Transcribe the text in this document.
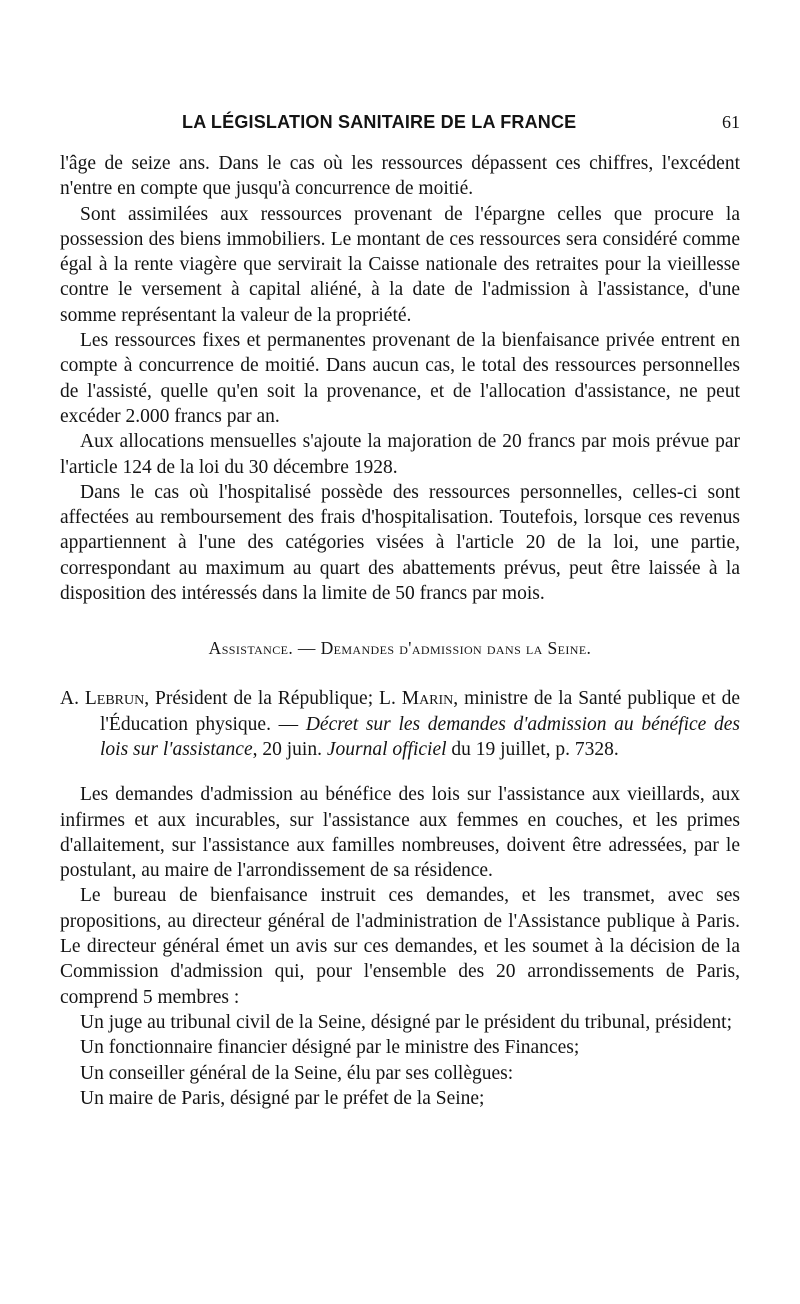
LA LÉGISLATION SANITAIRE DE LA FRANCE	61

l'âge de seize ans. Dans le cas où les ressources dépassent ces chiffres, l'excédent n'entre en compte que jusqu'à concurrence de moitié.

Sont assimilées aux ressources provenant de l'épargne celles que procure la possession des biens immobiliers. Le montant de ces ressources sera considéré comme égal à la rente viagère que servirait la Caisse nationale des retraites pour la vieillesse contre le versement à capital aliéné, à la date de l'admission à l'assistance, d'une somme représentant la valeur de la propriété.

Les ressources fixes et permanentes provenant de la bienfaisance privée entrent en compte à concurrence de moitié. Dans aucun cas, le total des ressources personnelles de l'assisté, quelle qu'en soit la provenance, et de l'allocation d'assistance, ne peut excéder 2.000 francs par an.

Aux allocations mensuelles s'ajoute la majoration de 20 francs par mois prévue par l'article 124 de la loi du 30 décembre 1928.

Dans le cas où l'hospitalisé possède des ressources personnelles, celles-ci sont affectées au remboursement des frais d'hospitalisation. Toutefois, lorsque ces revenus appartiennent à l'une des catégories visées à l'article 20 de la loi, une partie, correspondant au maximum au quart des abattements prévus, peut être laissée à la disposition des intéressés dans la limite de 50 francs par mois.

Assistance. — Demandes d'admission dans la Seine.
A. Lebrun, Président de la République; L. Marin, ministre de la Santé publique et de l'Éducation physique. — Décret sur les demandes d'admission au bénéfice des lois sur l'assistance, 20 juin. Journal officiel du 19 juillet, p. 7328.

Les demandes d'admission au bénéfice des lois sur l'assistance aux vieillards, aux infirmes et aux incurables, sur l'assistance aux femmes en couches, et les primes d'allaitement, sur l'assistance aux familles nombreuses, doivent être adressées, par le postulant, au maire de l'arrondissement de sa résidence.

Le bureau de bienfaisance instruit ces demandes, et les transmet, avec ses propositions, au directeur général de l'administration de l'Assistance publique à Paris. Le directeur général émet un avis sur ces demandes, et les soumet à la décision de la Commission d'admission qui, pour l'ensemble des 20 arrondissements de Paris, comprend 5 membres :

Un juge au tribunal civil de la Seine, désigné par le président du tribunal, président;

Un fonctionnaire financier désigné par le ministre des Finances;

Un conseiller général de la Seine, élu par ses collègues:

Un maire de Paris, désigné par le préfet de la Seine;
